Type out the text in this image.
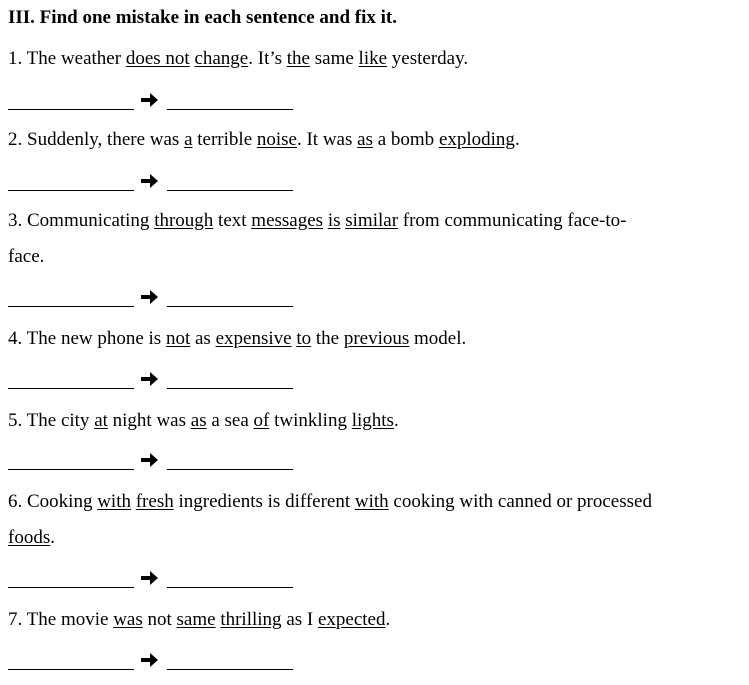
III. Find one mistake in each sentence and fix it.
1. The weather does not change. It’s the same like yesterday.
2. Suddenly, there was a terrible noise. It was as a bomb exploding.
3. Communicating through text messages is similar from communicating face-to-
face.
4. The new phone is not as expensive to the previous model.
5. The city at night was as a sea of twinkling lights.
6. Cooking with fresh ingredients is different with cooking with canned or processed
foods.
7. The movie was not same thrilling as I expected.
